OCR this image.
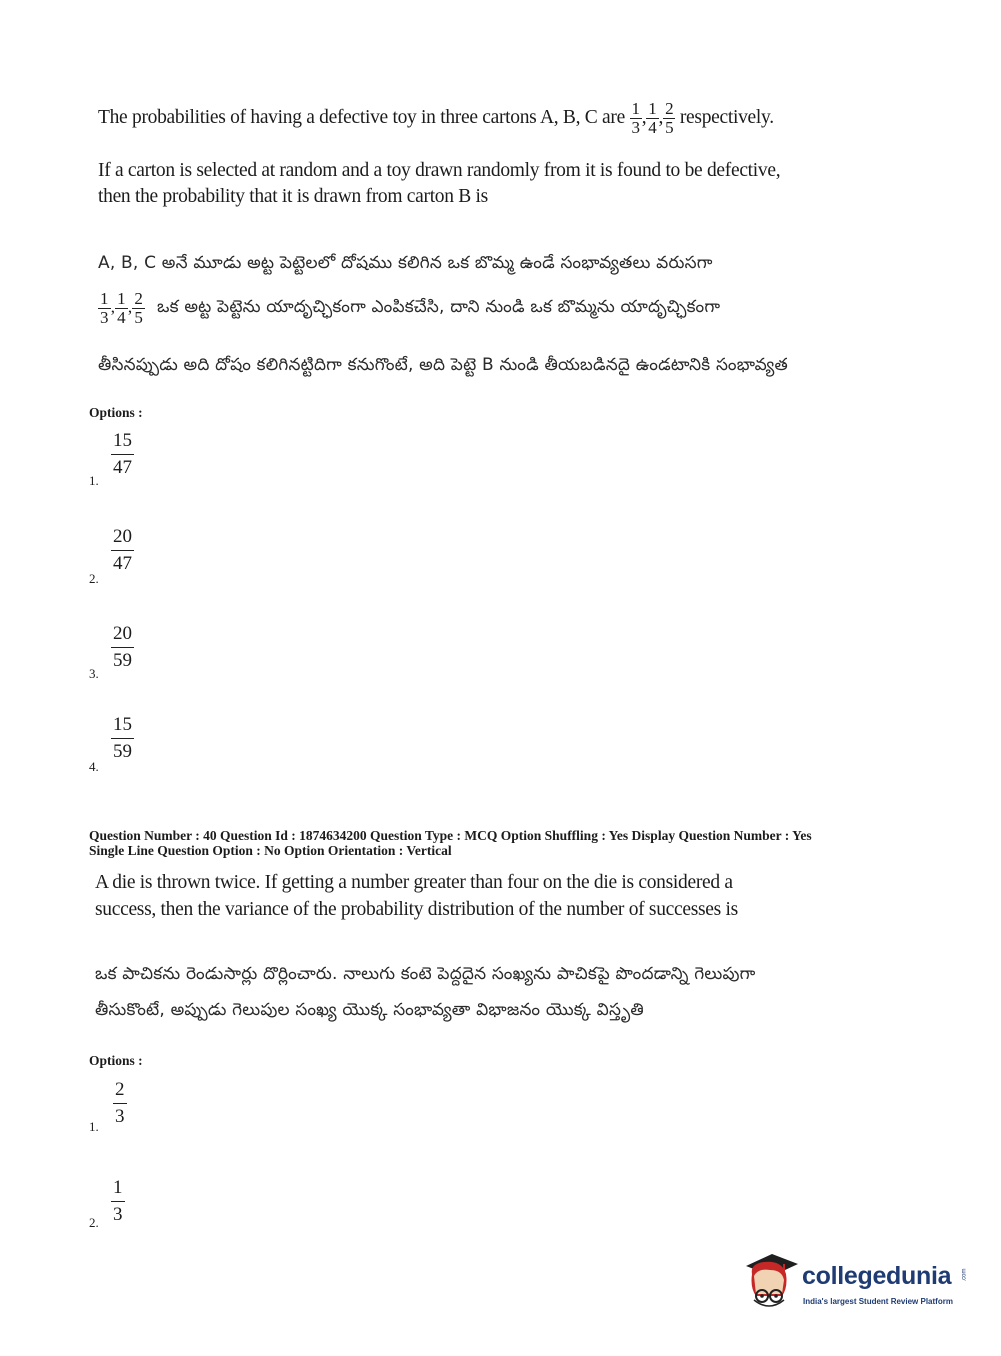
The probabilities of having a defective toy in three cartons A, B, C are $\frac{1}{3}$ , $\frac{1}{4}$ , $\frac{2}{5}$ respectively.
If a carton is selected at random and a toy drawn randomly from it is found to be defective,
then the probability that it is drawn from carton B is
A, B, C అనే మూడు అట్ట పెట్టెలలో దోషము కలిగిన ఒక బొమ్మ ఉండే సంభావ్యతలు వరుసగా
$\frac{1}{3}$ , $\frac{1}{4}$ , $\frac{2}{5}$ ఒక అట్ట పెట్టెను యాదృచ్ఛికంగా ఎంపికచేసి, దాని నుండి ఒక బొమ్మను యాదృచ్ఛికంగా
తీసినప్పుడు అది దోషం కలిగినట్టిదిగా కనుగొంటే, అది పెట్టె B నుండి తీయబడినదై ఉండటానికి సంభావ్యత
Options :
1. $\frac{15}{47}$
2.
$\frac{20}{47}$
3. $\frac{20}{59}$
4.
$\frac{15}{59}$
Question Number : 40 Question Id : 1874634200 Question Type : MCQ Option Shuffling : Yes Display Question Number : Yes
Single Line Question Option : No Option Orientation : Vertical
A die is thrown twice. If getting a number greater than four on the die is considered a
success, then the variance of the probability distribution of the number of successes is
ఒక పాచికను రెండుసార్లు దొర్లించారు. నాలుగు కంటె పెద్దదైన సంఖ్యను పాచికపై పొందడాన్ని గెలుపుగా
తీసుకొంటే, అప్పుడు గెలుపుల సంఖ్య యొక్క సంభావ్యతా విభాజనం యొక్క విస్తృతి
Options :
1. $\frac{2}{3}$
2. $\frac{1}{3}$
collegedunia .com
India's largest Student Review Platform
